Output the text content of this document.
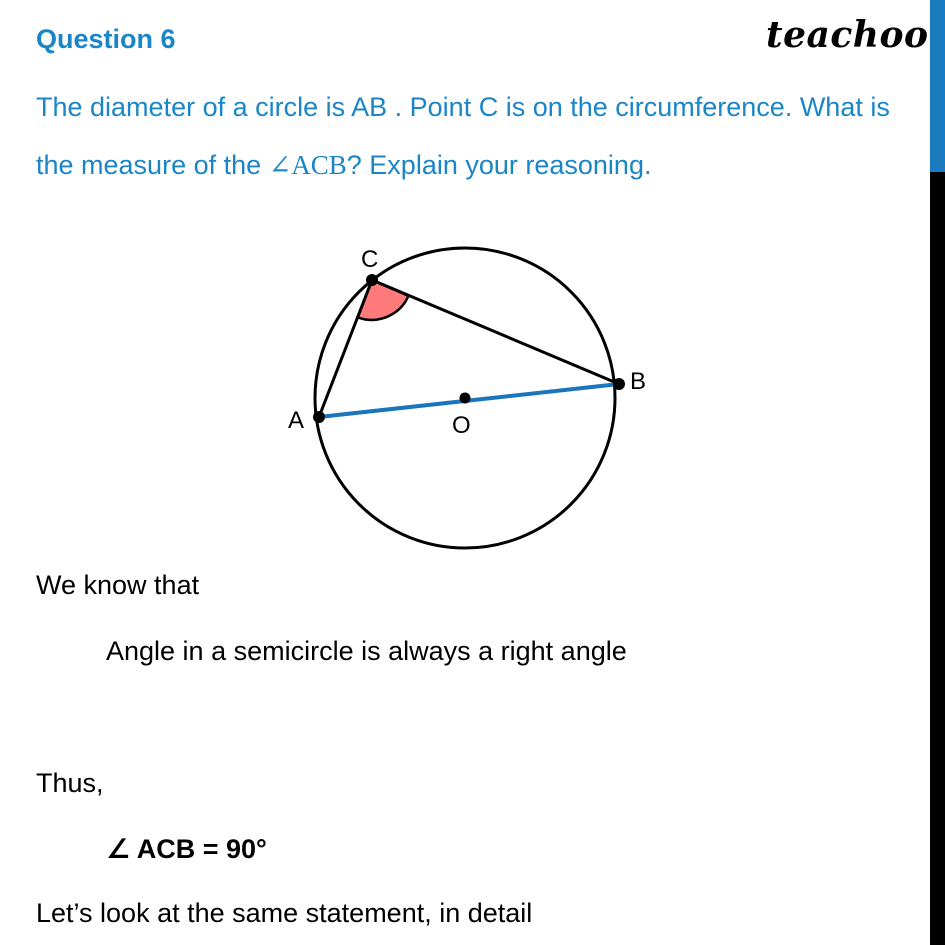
Question 6	teachoo

The diameter of a circle is AB . Point C is on the circumference. What is the measure of the ∠ACB? Explain your reasoning.

C
A
B
O

We know that

Angle in a semicircle is always a right angle

Thus,

∠ ACB = 90°

Let’s look at the same statement, in detail
